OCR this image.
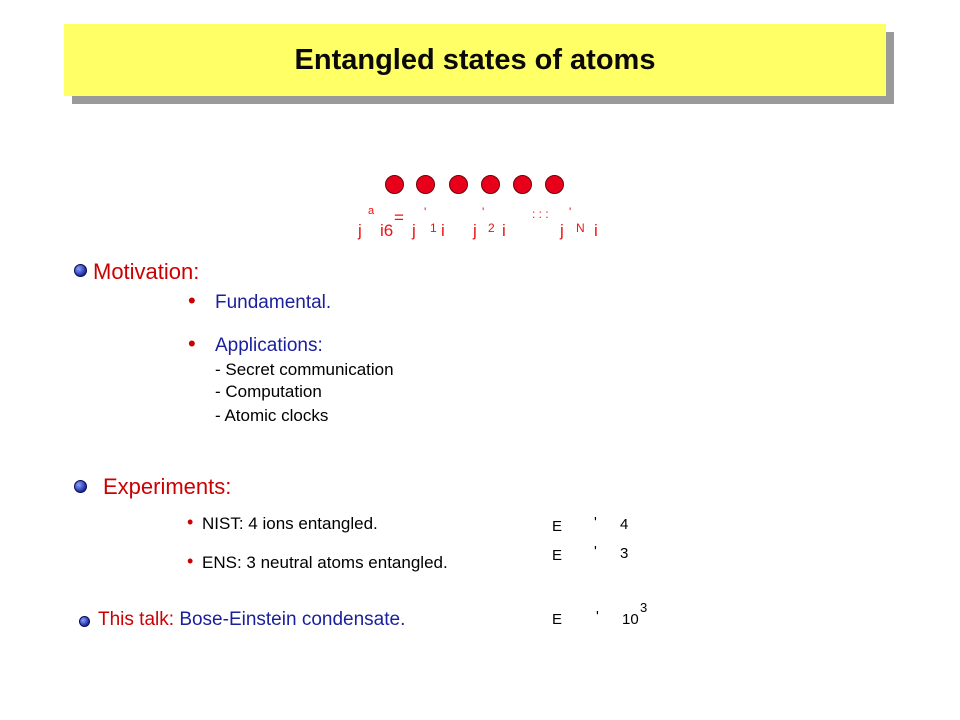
Entangled states of atoms
j
a
i6
=
j
'
1 i j
'
2 i
: : :
j
'
N i
Motivation:
• Fundamental.
• Applications:
- Secret communication
- Computation
- Atomic clocks
Experiments:
• NIST: 4 ions entangled.
• ENS: 3 neutral atoms entangled.
E ' 4
E ' 3
This talk: Bose-Einstein condensate.	E ' 10
3
